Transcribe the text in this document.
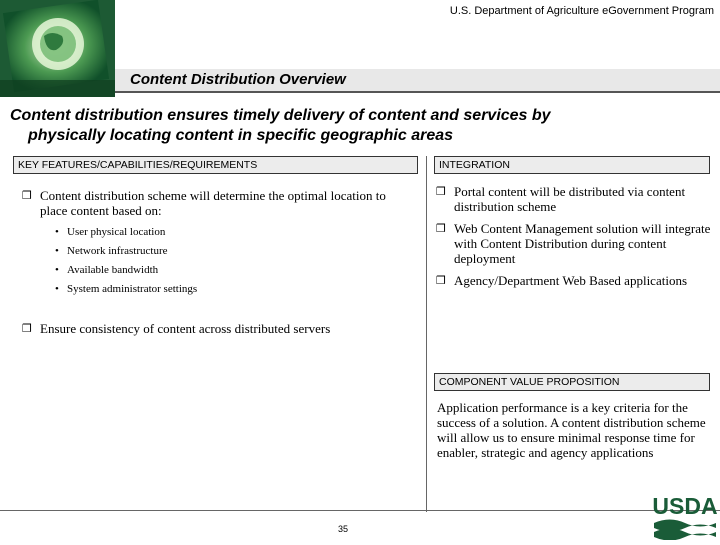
U.S. Department of Agriculture eGovernment Program
Content Distribution Overview
Content distribution ensures timely delivery of content and services by
physically locating content in specific geographic areas
KEY FEATURES/CAPABILITIES/REQUIREMENTS	INTEGRATION
COMPONENT VALUE PROPOSITION
❒ Content distribution scheme will determine the optimal location to place content based on:
• User physical location
• Network infrastructure
• Available bandwidth
• System administrator settings
❒ Ensure consistency of content across distributed servers
❒ Portal content will be distributed via content distribution scheme
❒ Web Content Management solution will integrate with Content Distribution during content deployment
❒ Agency/Department Web Based applications
Application performance is a key criteria for the success of a solution. A content distribution scheme will allow us to ensure minimal response time for enabler, strategic and agency applications
35
USDA
